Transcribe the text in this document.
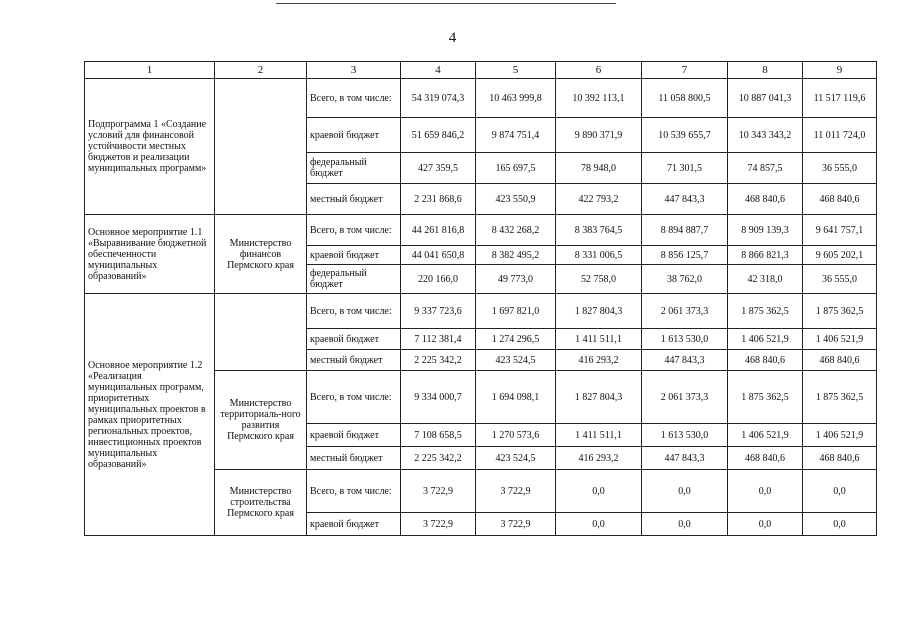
4
1	2	3	4	5	6	7	8	9
Подпрограмма 1 «Создание условий для финансовой устойчивости местных бюджетов и реализации муниципальных программ»		Всего, в том числе:	54 319 074,3	10 463 999,8	10 392 113,1	11 058 800,5	10 887 041,3	11 517 119,6
		краевой бюджет	51 659 846,2	9 874 751,4	9 890 371,9	10 539 655,7	10 343 343,2	11 011 724,0
		федеральный бюджет	427 359,5	165 697,5	78 948,0	71 301,5	74 857,5	36 555,0
		местный бюджет	2 231 868,6	423 550,9	422 793,2	447 843,3	468 840,6	468 840,6
Основное мероприятие 1.1 «Выравнивание бюджетной обеспеченности муниципальных образований»	Министерство финансов Пермского края	Всего, в том числе:	44 261 816,8	8 432 268,2	8 383 764,5	8 894 887,7	8 909 139,3	9 641 757,1
		краевой бюджет	44 041 650,8	8 382 495,2	8 331 006,5	8 856 125,7	8 866 821,3	9 605 202,1
		федеральный бюджет	220 166,0	49 773,0	52 758,0	38 762,0	42 318,0	36 555,0
Основное мероприятие 1.2 «Реализация муниципальных программ, приоритетных муниципальных проектов в рамках приоритетных региональных проектов, инвестиционных проектов муниципальных образований»		Всего, в том числе:	9 337 723,6	1 697 821,0	1 827 804,3	2 061 373,3	1 875 362,5	1 875 362,5
		краевой бюджет	7 112 381,4	1 274 296,5	1 411 511,1	1 613 530,0	1 406 521,9	1 406 521,9
		местный бюджет	2 225 342,2	423 524,5	416 293,2	447 843,3	468 840,6	468 840,6
	Министерство территориаль-ного развития Пермского края	Всего, в том числе:	9 334 000,7	1 694 098,1	1 827 804,3	2 061 373,3	1 875 362,5	1 875 362,5
		краевой бюджет	7 108 658,5	1 270 573,6	1 411 511,1	1 613 530,0	1 406 521,9	1 406 521,9
		местный бюджет	2 225 342,2	423 524,5	416 293,2	447 843,3	468 840,6	468 840,6
	Министерство строительства Пермского края	Всего, в том числе:	3 722,9	3 722,9	0,0	0,0	0,0	0,0
		краевой бюджет	3 722,9	3 722,9	0,0	0,0	0,0	0,0
